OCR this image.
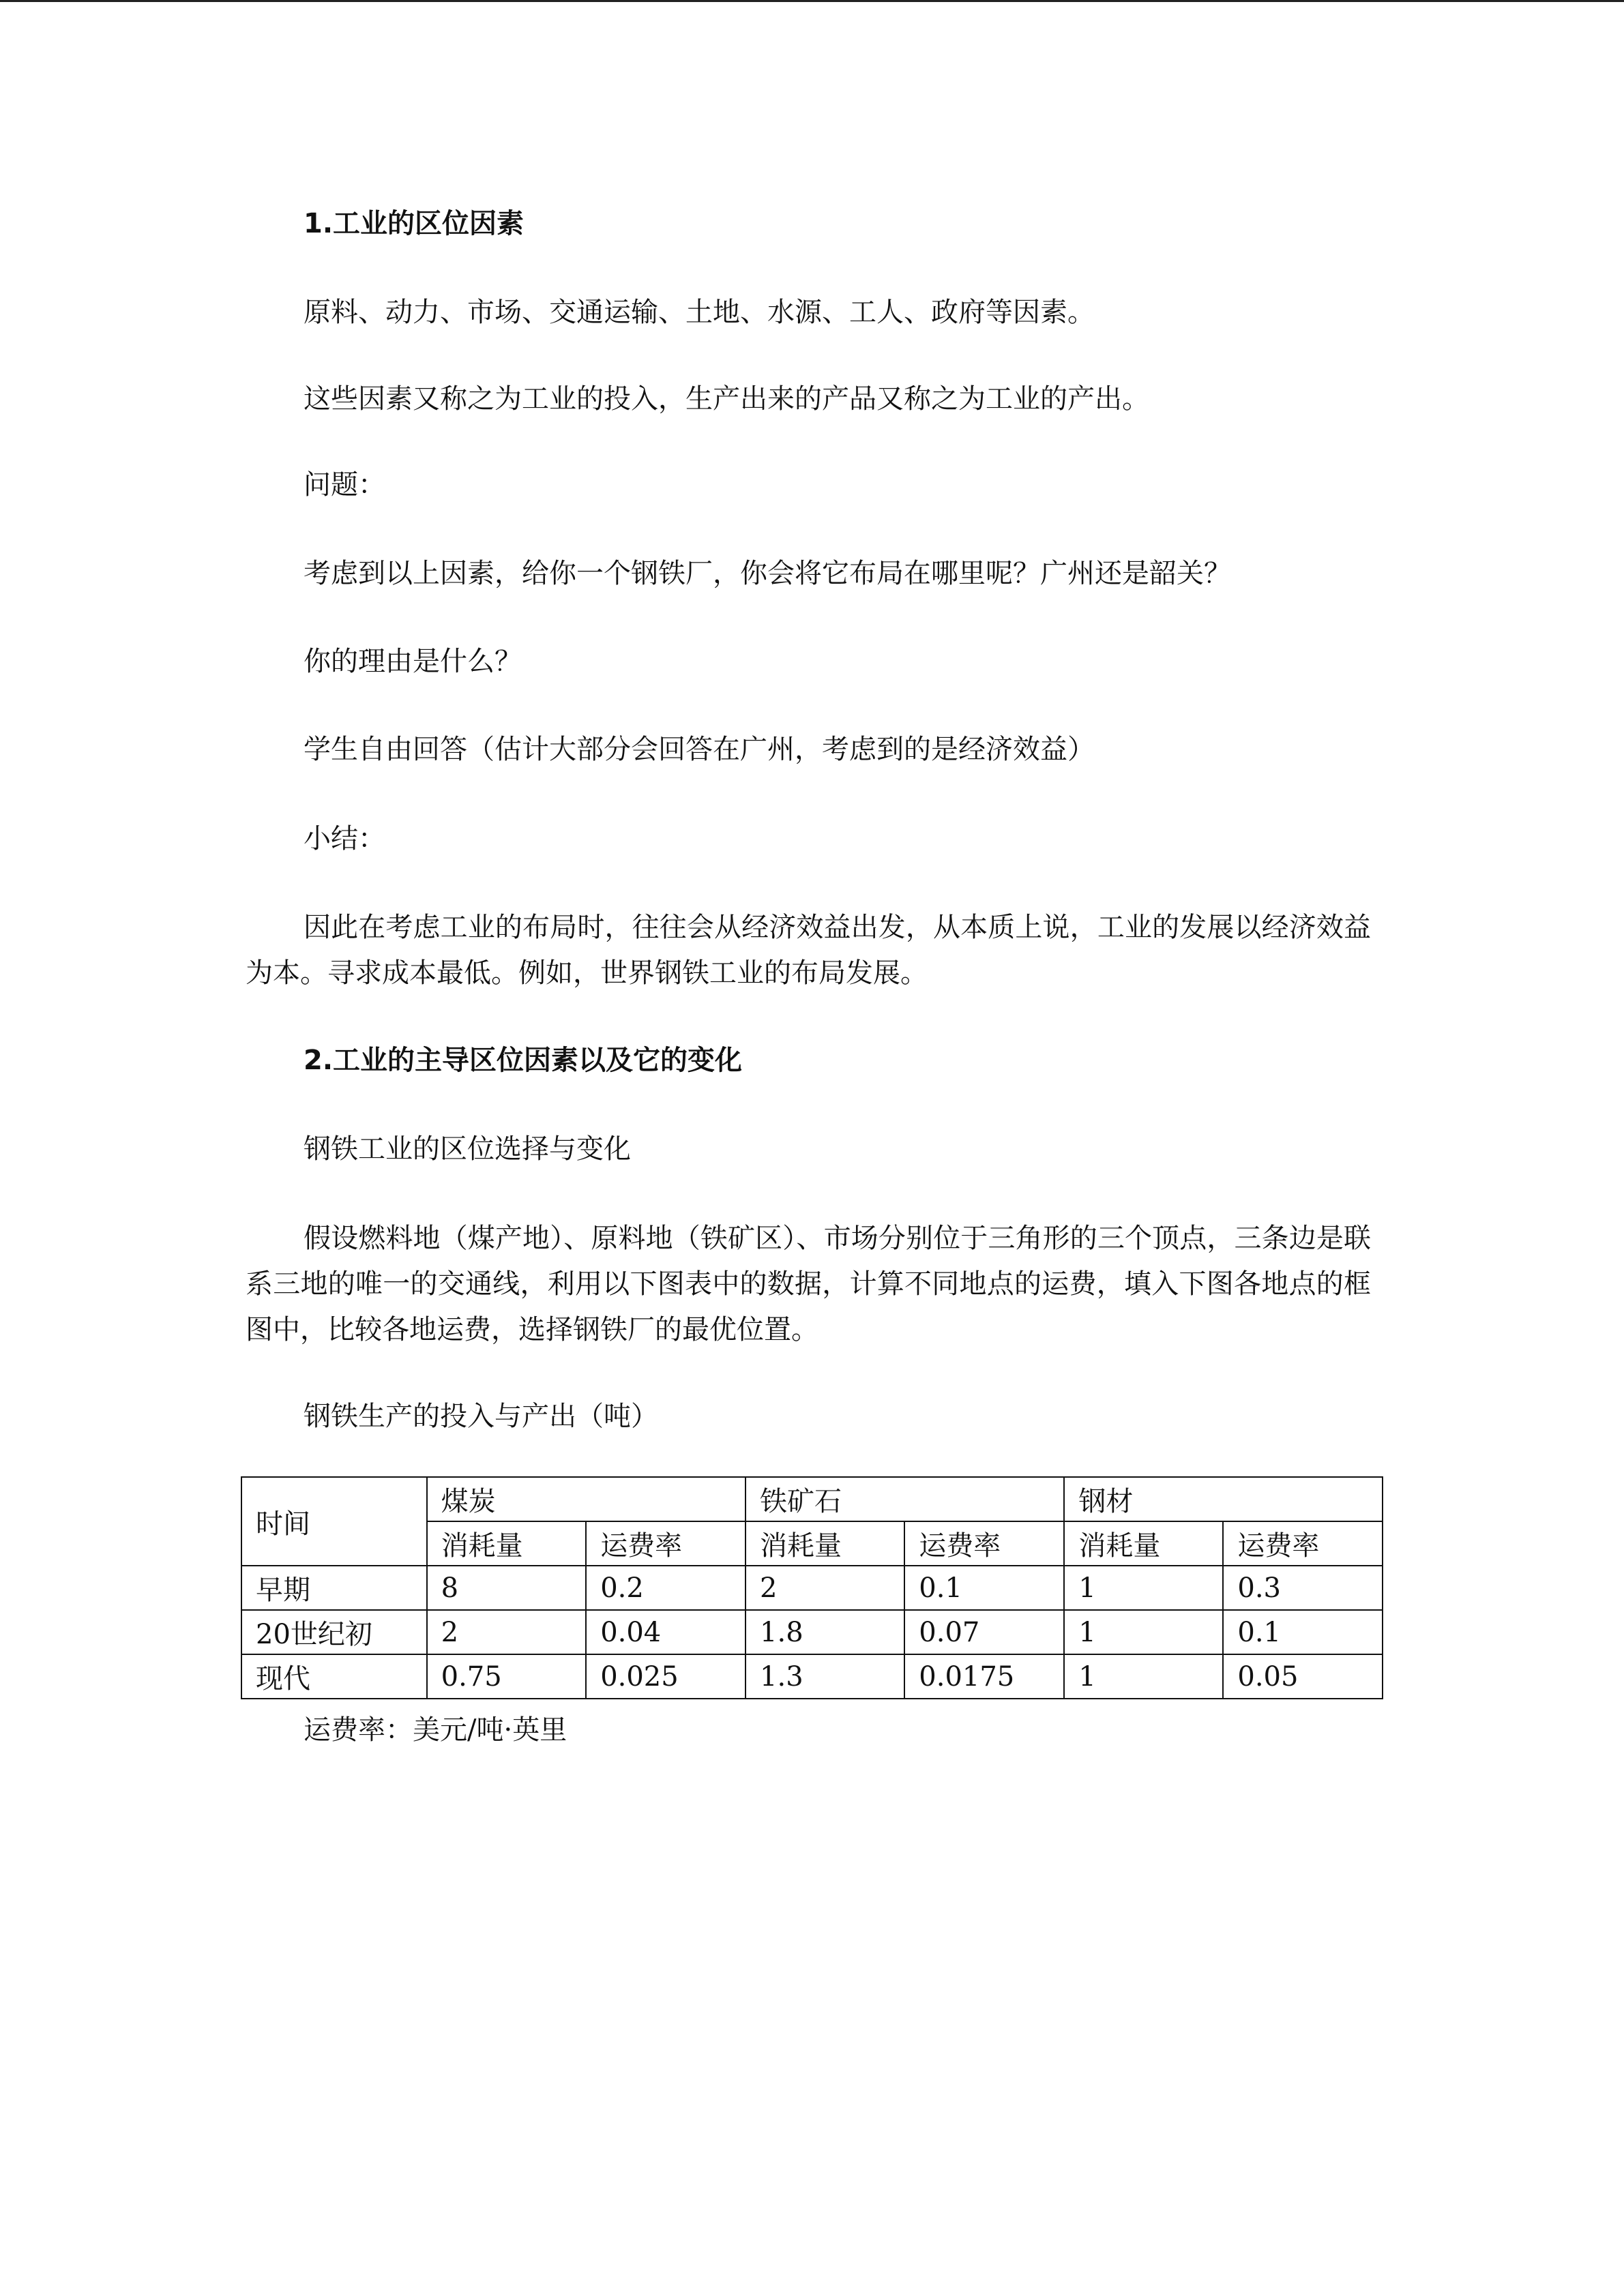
1.工业的区位因素
原料、动力、市场、交通运输、土地、水源、工人、政府等因素。
这些因素又称之为工业的投入，生产出来的产品又称之为工业的产出。
问题：
考虑到以上因素，给你一个钢铁厂，你会将它布局在哪里呢？广州还是韶关？
你的理由是什么？
学生自由回答（估计大部分会回答在广州，考虑到的是经济效益）
小结：
因此在考虑工业的布局时，往往会从经济效益出发，从本质上说，工业的发展以经济效益为本。寻求成本最低。例如，世界钢铁工业的布局发展。
2.工业的主导区位因素以及它的变化
钢铁工业的区位选择与变化
假设燃料地（煤产地）、原料地（铁矿区）、市场分别位于三角形的三个顶点，三条边是联系三地的唯一的交通线，利用以下图表中的数据，计算不同地点的运费，填入下图各地点的框图中，比较各地运费，选择钢铁厂的最优位置。
钢铁生产的投入与产出（吨）
时间	煤炭		铁矿石		钢材	
	消耗量	运费率	消耗量	运费率	消耗量	运费率
早期	8	0.2	2	0.1	1	0.3
20世纪初	2	0.04	1.8	0.07	1	0.1
现代	0.75	0.025	1.3	0.0175	1	0.05
运费率：美元/吨·英里
